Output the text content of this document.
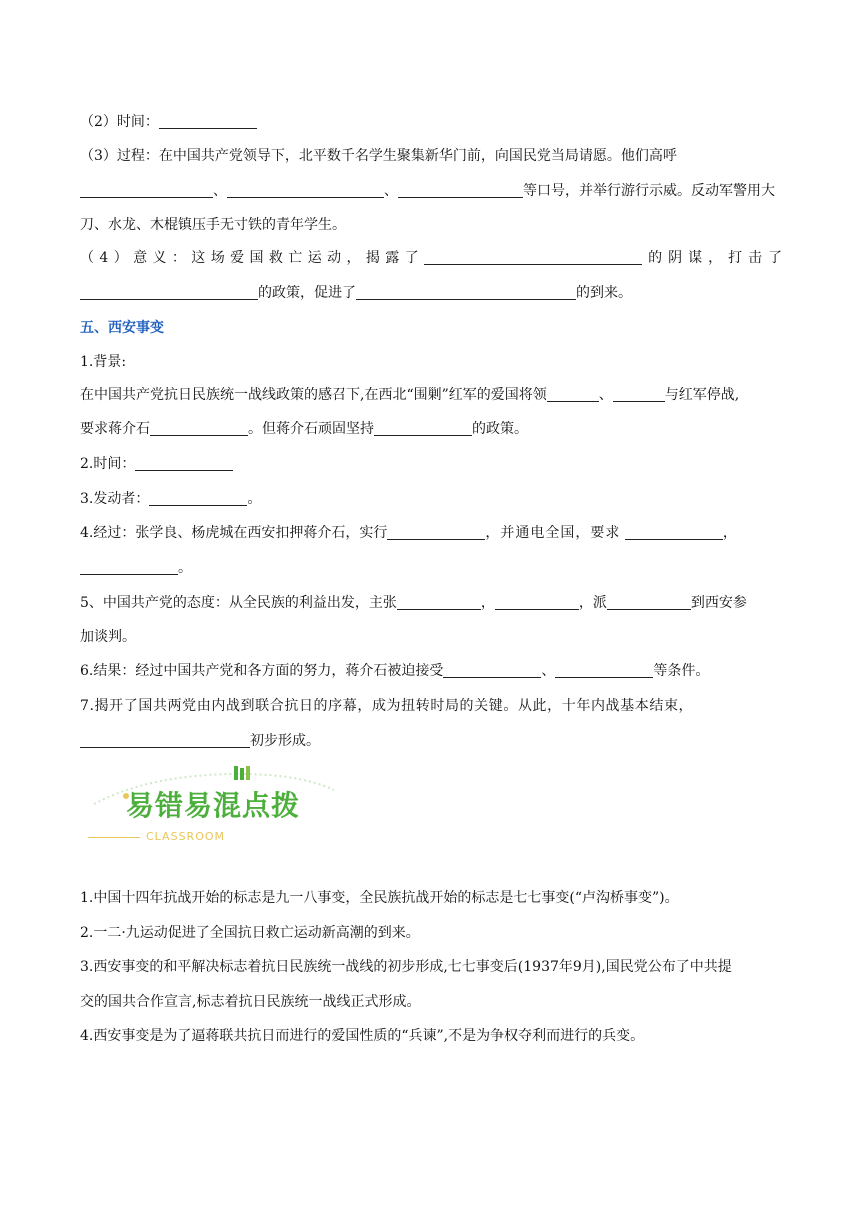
（2）时间：
（3）过程：在中国共产党领导下，北平数千名学生聚集新华门前，向国民党当局请愿。他们高呼
、	、	等口号，并举行游行示威。反动军警用大
刀、水龙、木棍镇压手无寸铁的青年学生。
（4）意义：这场爱国救亡运动，揭露了	的阴谋，打击了
的政策，促进了	的到来。
五、西安事变
1.背景:
在中国共产党抗日民族统一战线政策的感召下,在西北“围剿”红军的爱国将领	、	与红军停战,
要求蒋介石	。但蒋介石顽固坚持	的政策。
2.时间：
3.发动者：	。
4.经过：张学良、杨虎城在西安扣押蒋介石，实行	，并通电全国，要求	，
。
5、中国共产党的态度：从全民族的利益出发，主张	，	，派	到西安参
加谈判。
6.结果：经过中国共产党和各方面的努力，蒋介石被迫接受	、	等条件。
7.揭开了国共两党由内战到联合抗日的序幕，成为扭转时局的关键。从此，十年内战基本结束，
初步形成。
易错易混点拨
CLASSROOM
1.中国十四年抗战开始的标志是九一八事变，全民族抗战开始的标志是七七事变(“卢沟桥事变”)。
2.一二·九运动促进了全国抗日救亡运动新高潮的到来。
3.西安事变的和平解决标志着抗日民族统一战线的初步形成,七七事变后(1937年9月),国民党公布了中共提
交的国共合作宣言,标志着抗日民族统一战线正式形成。
4.西安事变是为了逼蒋联共抗日而进行的爱国性质的“兵谏”,不是为争权夺利而进行的兵变。
